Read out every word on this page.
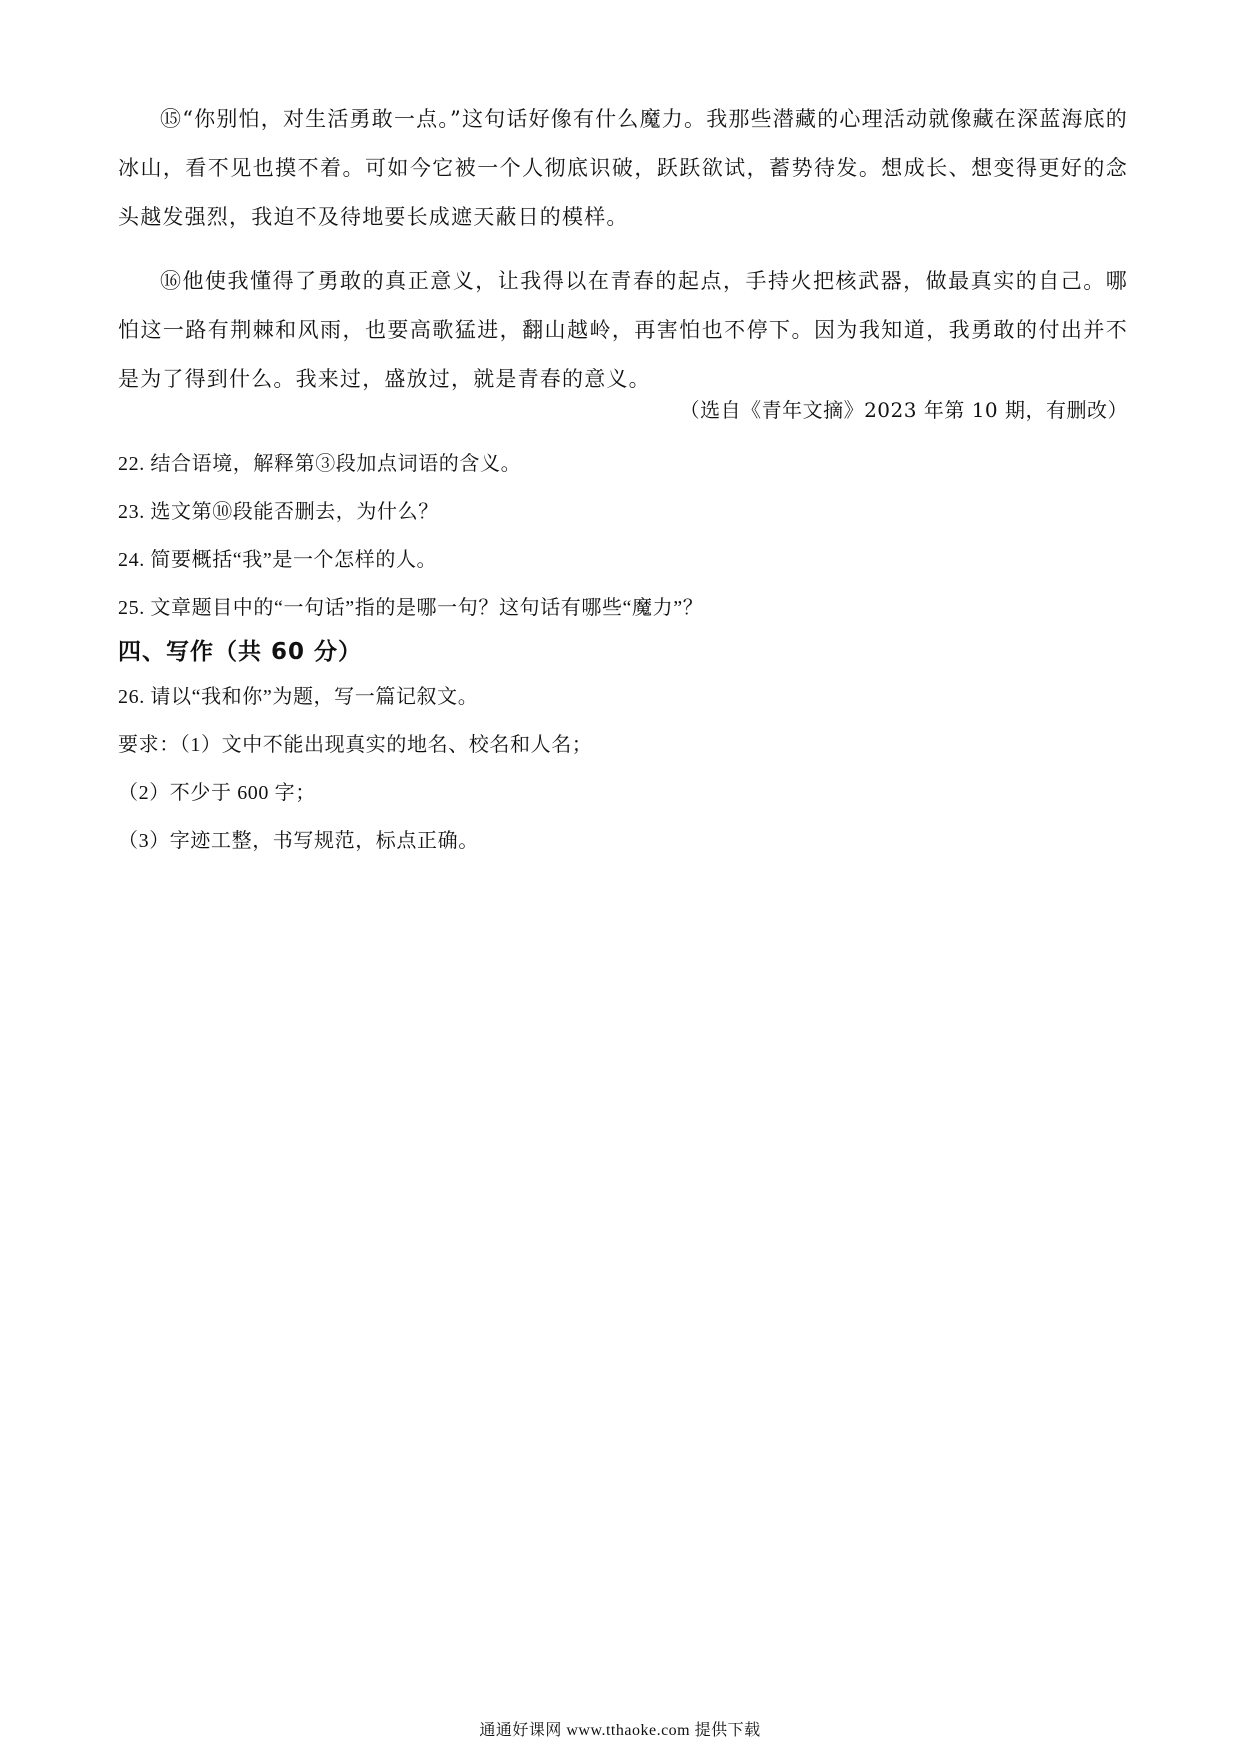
⑮“你别怕，对生活勇敢一点。”这句话好像有什么魔力。我那些潜藏的心理活动就像藏在深蓝海底的冰山，看不见也摸不着。可如今它被一个人彻底识破，跃跃欲试，蓄势待发。想成长、想变得更好的念头越发强烈，我迫不及待地要长成遮天蔽日的模样。

⑯他使我懂得了勇敢的真正意义，让我得以在青春的起点，手持火把核武器，做最真实的自己。哪怕这一路有荆棘和风雨，也要高歌猛进，翻山越岭，再害怕也不停下。因为我知道，我勇敢的付出并不是为了得到什么。我来过，盛放过，就是青春的意义。

（选自《青年文摘》2023 年第 10 期，有删改）

22. 结合语境，解释第③段加点词语的含义。

23. 选文第⑩段能否删去，为什么？

24. 简要概括“我”是一个怎样的人。

25. 文章题目中的“一句话”指的是哪一句？这句话有哪些“魔力”？

四、写作（共 60 分）

26. 请以“我和你”为题，写一篇记叙文。

要求：（1）文中不能出现真实的地名、校名和人名；

（2）不少于 600 字；

（3）字迹工整，书写规范，标点正确。

通通好课网 www.tthaoke.com 提供下载
